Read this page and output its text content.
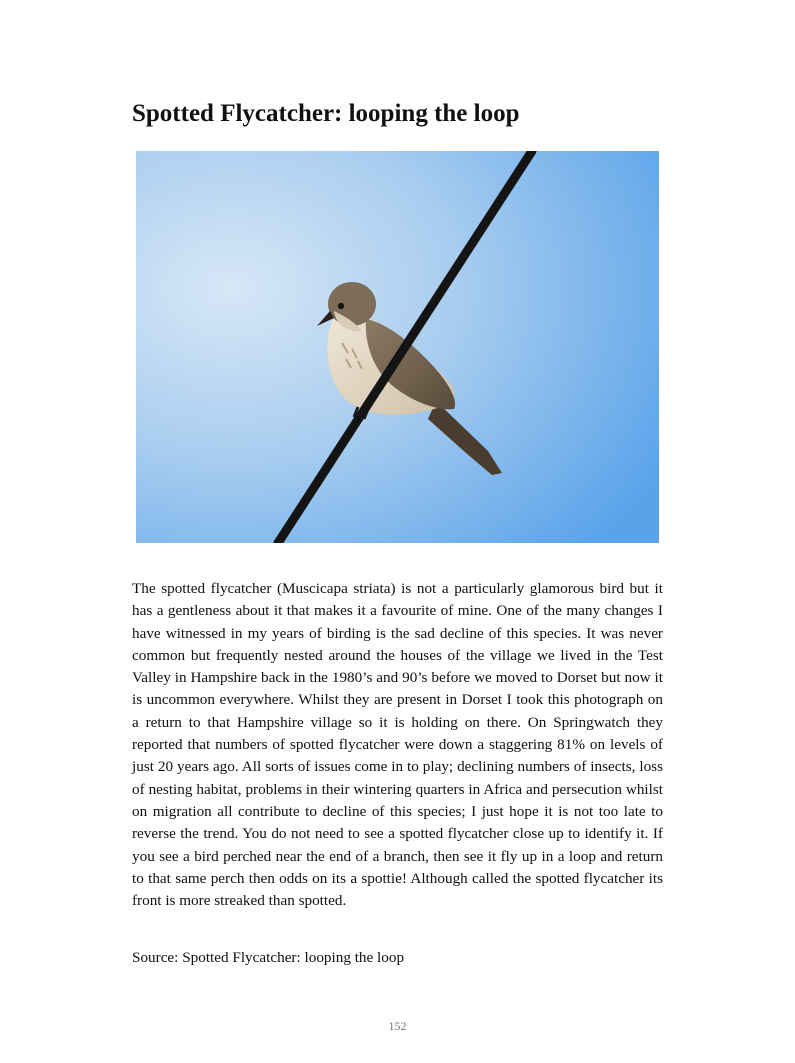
Spotted Flycatcher: looping the loop

The spotted flycatcher (Muscicapa striata) is not a particularly glamorous bird but it has a gentleness about it that makes it a favourite of mine. One of the many changes I have witnessed in my years of birding is the sad decline of this species. It was never common but frequently nested around the houses of the village we lived in the Test Valley in Hampshire back in the 1980’s and 90’s before we moved to Dorset but now it is uncommon everywhere. Whilst they are present in Dorset I took this photograph on a return to that Hampshire village so it is holding on there. On Springwatch they reported that numbers of spotted flycatcher were down a staggering 81% on levels of just 20 years ago. All sorts of issues come in to play; declining numbers of insects, loss of nesting habitat, problems in their wintering quarters in Africa and persecution whilst on migration all contribute to decline of this species; I just hope it is not too late to reverse the trend. You do not need to see a spotted flycatcher close up to identify it. If you see a bird perched near the end of a branch, then see it fly up in a loop and return to that same perch then odds on its a spottie! Although called the spotted flycatcher its front is more streaked than spotted.

Source: Spotted Flycatcher: looping the loop

152
